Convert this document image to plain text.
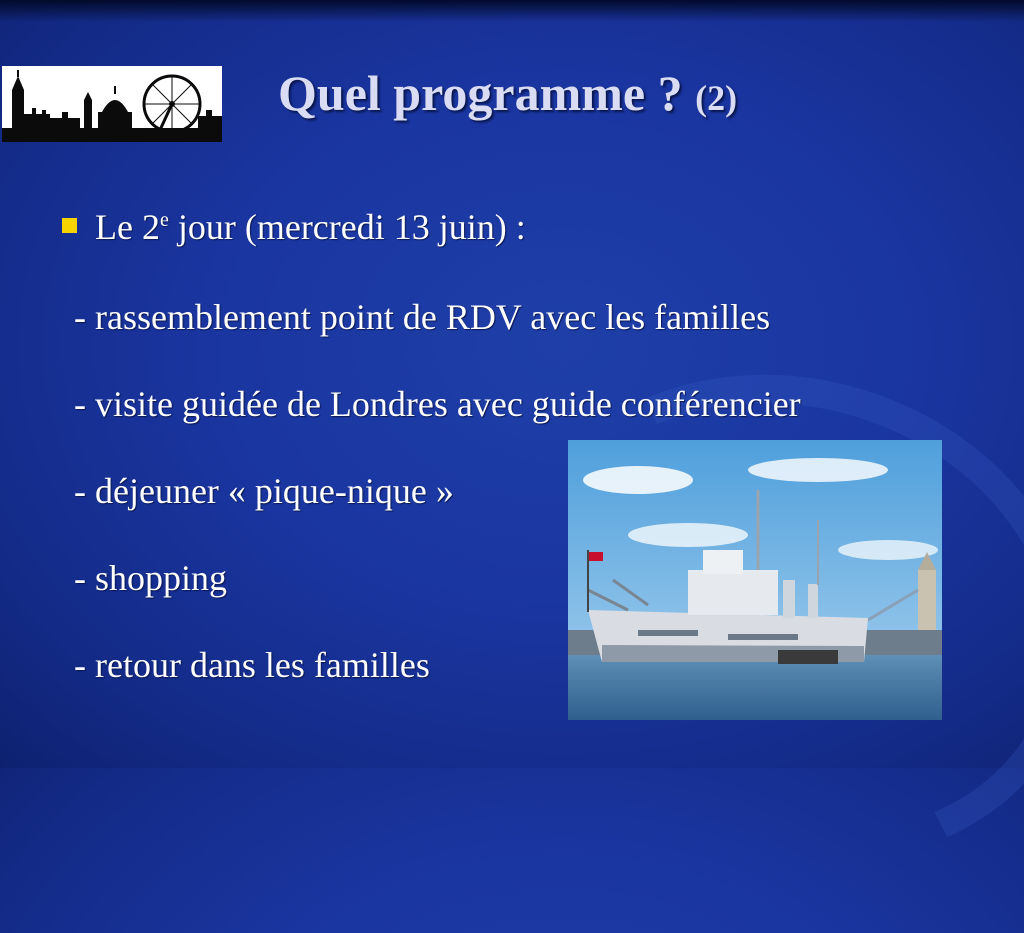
Quel programme ? (2)
Le 2e jour (mercredi 13 juin) :
- rassemblement point de RDV avec les familles
- visite guidée de Londres avec guide conférencier
- déjeuner « pique-nique »
- shopping
- retour dans les familles
